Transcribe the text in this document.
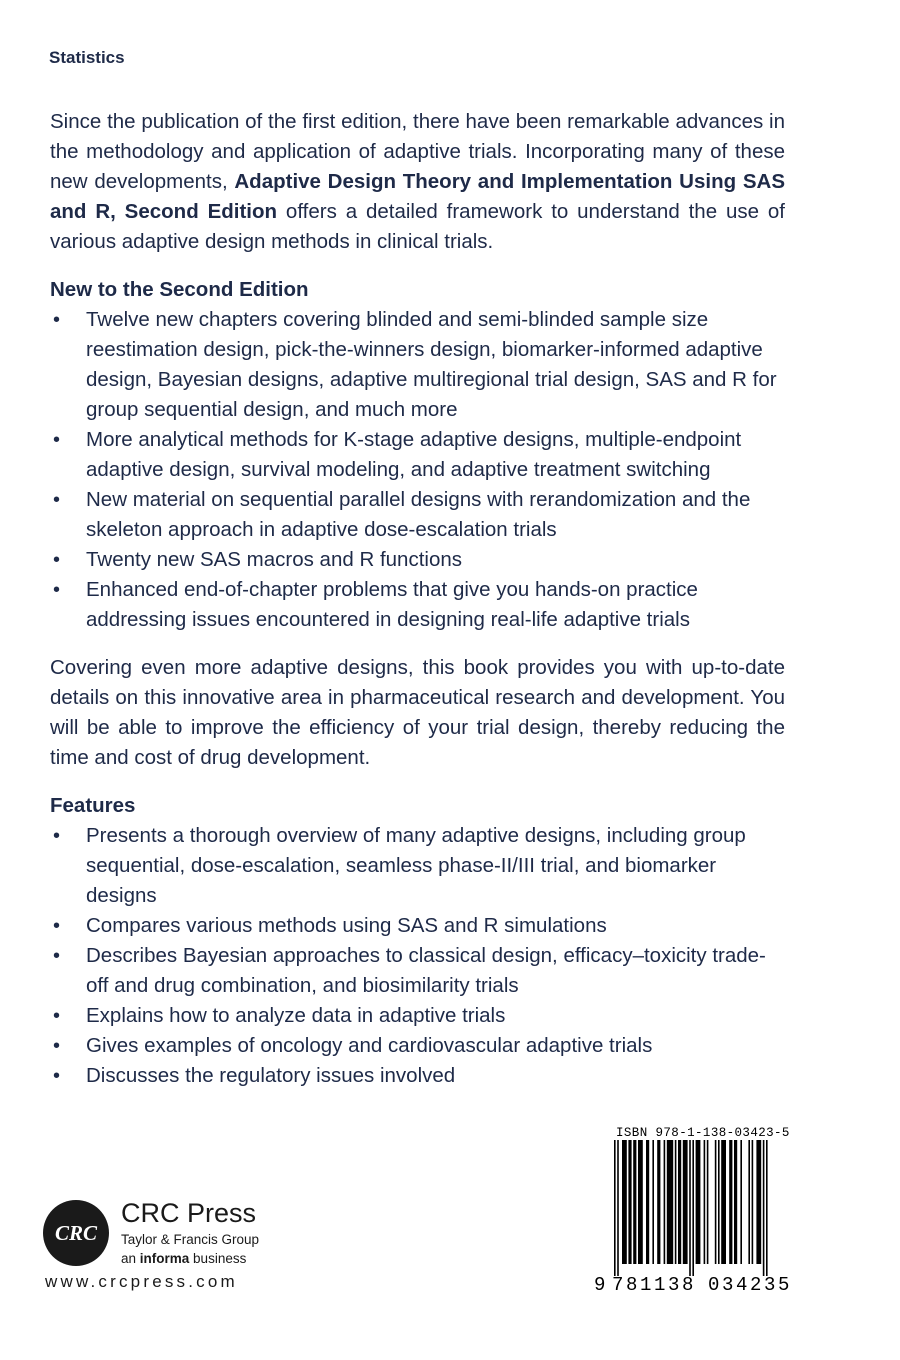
Statistics

Since the publication of the first edition, there have been remarkable advances in the methodology and application of adaptive trials. Incorporating many of these new developments, Adaptive Design Theory and Implementation Using SAS and R, Second Edition offers a detailed framework to understand the use of various adaptive design methods in clinical trials.

New to the Second Edition
• Twelve new chapters covering blinded and semi-blinded sample size reestimation design, pick-the-winners design, biomarker-informed adaptive design, Bayesian designs, adaptive multiregional trial design, SAS and R for group sequential design, and much more
• More analytical methods for K-stage adaptive designs, multiple-endpoint adaptive design, survival modeling, and adaptive treatment switching
• New material on sequential parallel designs with rerandomization and the skeleton approach in adaptive dose-escalation trials
• Twenty new SAS macros and R functions
• Enhanced end-of-chapter problems that give you hands-on practice addressing issues encountered in designing real-life adaptive trials

Covering even more adaptive designs, this book provides you with up-to-date details on this innovative area in pharmaceutical research and development. You will be able to improve the efficiency of your trial design, thereby reducing the time and cost of drug development.

Features
• Presents a thorough overview of many adaptive designs, including group sequential, dose-escalation, seamless phase-II/III trial, and biomarker designs
• Compares various methods using SAS and R simulations
• Describes Bayesian approaches to classical design, efficacy–toxicity trade-off and drug combination, and biosimilarity trials
• Explains how to analyze data in adaptive trials
• Gives examples of oncology and cardiovascular adaptive trials
• Discusses the regulatory issues involved
CRC
CRC Press
Taylor & Francis Group
an informa business
www.crcpress.com
ISBN 978-1-138-03423-5
9 781138 034235
